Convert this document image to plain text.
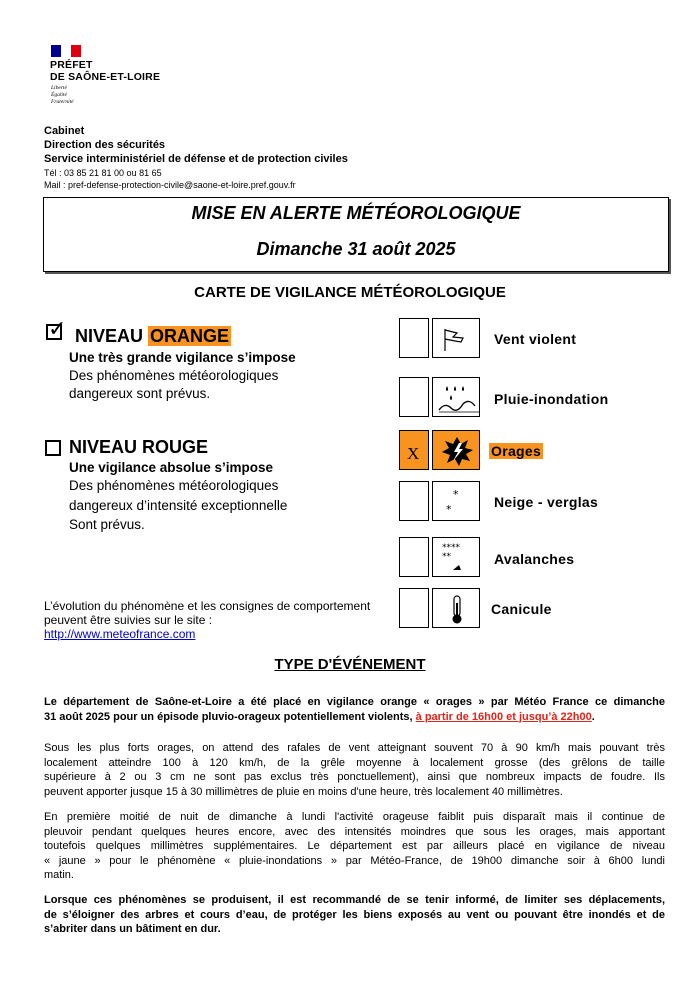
PRÉFET
DE SAÔNE-ET-LOIRE
Liberté
Égalité
Fraternité
Cabinet
Direction des sécurités
Service interministériel de défense et de protection civiles
Tél : 03 85 21 81 00 ou 81 65
Mail : pref-defense-protection-civile@saone-et-loire.pref.gouv.fr
MISE EN ALERTE MÉTÉOROLOGIQUE
Dimanche 31 août 2025
CARTE DE VIGILANCE MÉTÉOROLOGIQUE
✓ NIVEAU ORANGE
Une très grande vigilance s’impose
Des phénomènes météorologiques
dangereux sont prévus.
NIVEAU ROUGE
Une vigilance absolue s’impose
Des phénomènes météorologiques
dangereux d’intensité exceptionnelle
Sont prévus.
Vent violent
Pluie-inondation
X	Orages
*
*	Neige - verglas
****
**	Avalanches
Canicule
L’évolution du phénomène et les consignes de comportement
peuvent être suivies sur le site :
http://www.meteofrance.com
TYPE D'ÉVÉNEMENT
Le département de Saône-et-Loire a été placé en vigilance orange « orages » par Météo France ce dimanche
31 août 2025 pour un épisode pluvio-orageux potentiellement violents, à partir de 16h00 et jusqu’à 22h00.
Sous les plus forts orages, on attend des rafales de vent atteignant souvent 70 à 90 km/h mais pouvant très
localement atteindre 100 à 120 km/h, de la grêle moyenne à localement grosse (des grêlons de taille
supérieure à 2 ou 3 cm ne sont pas exclus très ponctuellement), ainsi que nombreux impacts de foudre. Ils
peuvent apporter jusque 15 à 30 millimètres de pluie en moins d'une heure, très localement 40 millimètres.
En première moitié de nuit de dimanche à lundi l'activité orageuse faiblit puis disparaît mais il continue de
pleuvoir pendant quelques heures encore, avec des intensités moindres que sous les orages, mais apportant
toutefois quelques millimètres supplémentaires. Le département est par ailleurs placé en vigilance de niveau
« jaune » pour le phénomène « pluie-inondations » par Météo-France, de 19h00 dimanche soir à 6h00 lundi
matin.
Lorsque ces phénomènes se produisent, il est recommandé de se tenir informé, de limiter ses déplacements,
de s’éloigner des arbres et cours d’eau, de protéger les biens exposés au vent ou pouvant être inondés et de
s’abriter dans un bâtiment en dur.
